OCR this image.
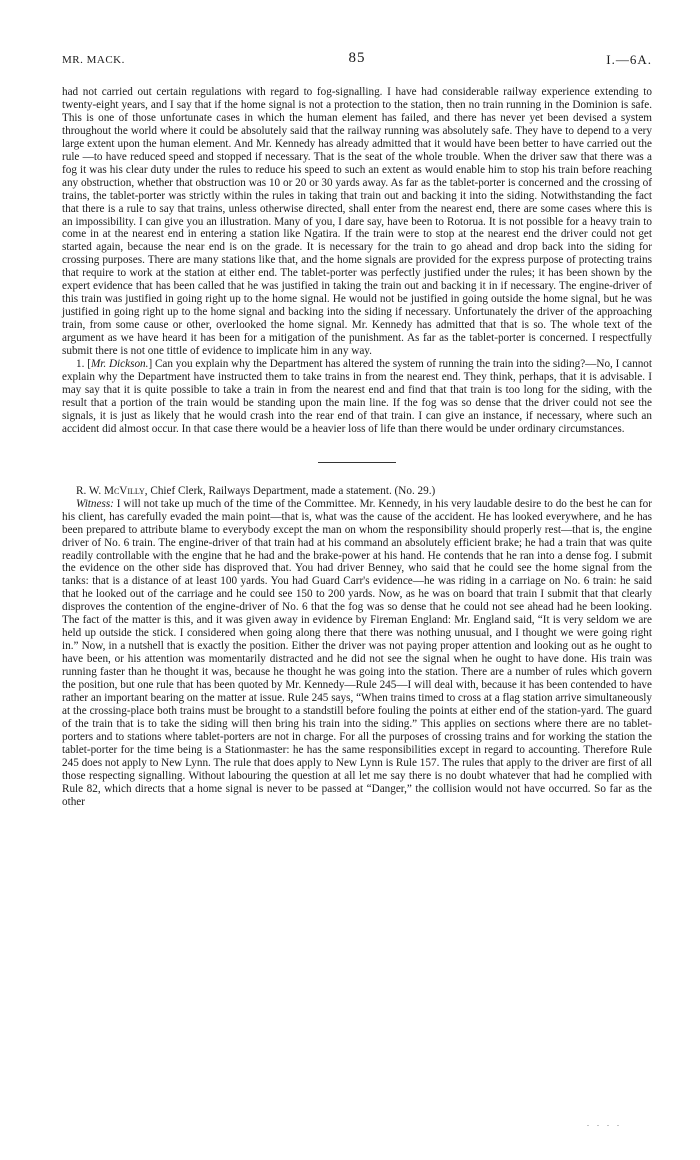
MR. MACK.	85	I.—6A.

had not carried out certain regulations with regard to fog-signalling. I have had considerable railway experience extending to twenty-eight years, and I say that if the home signal is not a protection to the station, then no train running in the Dominion is safe. This is one of those unfortunate cases in which the human element has failed, and there has never yet been devised a system throughout the world where it could be absolutely said that the railway running was absolutely safe. They have to depend to a very large extent upon the human element. And Mr. Kennedy has already admitted that it would have been better to have carried out the rule —to have reduced speed and stopped if necessary. That is the seat of the whole trouble. When the driver saw that there was a fog it was his clear duty under the rules to reduce his speed to such an extent as would enable him to stop his train before reaching any obstruction, whether that obstruction was 10 or 20 or 30 yards away. As far as the tablet-porter is concerned and the crossing of trains, the tablet-porter was strictly within the rules in taking that train out and backing it into the siding. Notwithstanding the fact that there is a rule to say that trains, unless otherwise directed, shall enter from the nearest end, there are some cases where this is an impossibility. I can give you an illustration. Many of you, I dare say, have been to Rotorua. It is not possible for a heavy train to come in at the nearest end in entering a station like Ngatira. If the train were to stop at the nearest end the driver could not get started again, because the near end is on the grade. It is necessary for the train to go ahead and drop back into the siding for crossing purposes. There are many stations like that, and the home signals are provided for the express purpose of protecting trains that require to work at the station at either end. The tablet-porter was perfectly justified under the rules; it has been shown by the expert evidence that has been called that he was justified in taking the train out and backing it in if necessary. The engine-driver of this train was justified in going right up to the home signal. He would not be justified in going outside the home signal, but he was justified in going right up to the home signal and backing into the siding if necessary. Unfortunately the driver of the approaching train, from some cause or other, overlooked the home signal. Mr. Kennedy has admitted that that is so. The whole text of the argument as we have heard it has been for a mitigation of the punishment. As far as the tablet-porter is concerned. I respectfully submit there is not one tittle of evidence to implicate him in any way.

1. [Mr. Dickson.] Can you explain why the Department has altered the system of running the train into the siding?—No, I cannot explain why the Department have instructed them to take trains in from the nearest end. They think, perhaps, that it is advisable. I may say that it is quite possible to take a train in from the nearest end and find that that train is too long for the siding, with the result that a portion of the train would be standing upon the main line. If the fog was so dense that the driver could not see the signals, it is just as likely that he would crash into the rear end of that train. I can give an instance, if necessary, where such an accident did almost occur. In that case there would be a heavier loss of life than there would be under ordinary circumstances.

R. W. McVilly, Chief Clerk, Railways Department, made a statement. (No. 29.)

Witness: I will not take up much of the time of the Committee. Mr. Kennedy, in his very laudable desire to do the best he can for his client, has carefully evaded the main point—that is, what was the cause of the accident. He has looked everywhere, and he has been prepared to attribute blame to everybody except the man on whom the responsibility should properly rest—that is, the engine driver of No. 6 train. The engine-driver of that train had at his command an absolutely efficient brake; he had a train that was quite readily controllable with the engine that he had and the brake-power at his hand. He contends that he ran into a dense fog. I submit the evidence on the other side has disproved that. You had driver Benney, who said that he could see the home signal from the tanks: that is a distance of at least 100 yards. You had Guard Carr's evidence—he was riding in a carriage on No. 6 train: he said that he looked out of the carriage and he could see 150 to 200 yards. Now, as he was on board that train I submit that that clearly disproves the contention of the engine-driver of No. 6 that the fog was so dense that he could not see ahead had he been looking. The fact of the matter is this, and it was given away in evidence by Fireman England: Mr. England said, “It is very seldom we are held up outside the stick. I considered when going along there that there was nothing unusual, and I thought we were going right in.” Now, in a nutshell that is exactly the position. Either the driver was not paying proper attention and looking out as he ought to have been, or his attention was momentarily distracted and he did not see the signal when he ought to have done. His train was running faster than he thought it was, because he thought he was going into the station. There are a number of rules which govern the position, but one rule that has been quoted by Mr. Kennedy—Rule 245—I will deal with, because it has been contended to have rather an important bearing on the matter at issue. Rule 245 says, “When trains timed to cross at a flag station arrive simultaneously at the crossing-place both trains must be brought to a standstill before fouling the points at either end of the station-yard. The guard of the train that is to take the siding will then bring his train into the siding.” This applies on sections where there are no tablet-porters and to stations where tablet-porters are not in charge. For all the purposes of crossing trains and for working the station the tablet-porter for the time being is a Stationmaster: he has the same responsibilities except in regard to accounting. Therefore Rule 245 does not apply to New Lynn. The rule that does apply to New Lynn is Rule 157. The rules that apply to the driver are first of all those respecting signalling. Without labouring the question at all let me say there is no doubt whatever that had he complied with Rule 82, which directs that a home signal is never to be passed at “Danger,” the collision would not have occurred. So far as the other

. . . .
